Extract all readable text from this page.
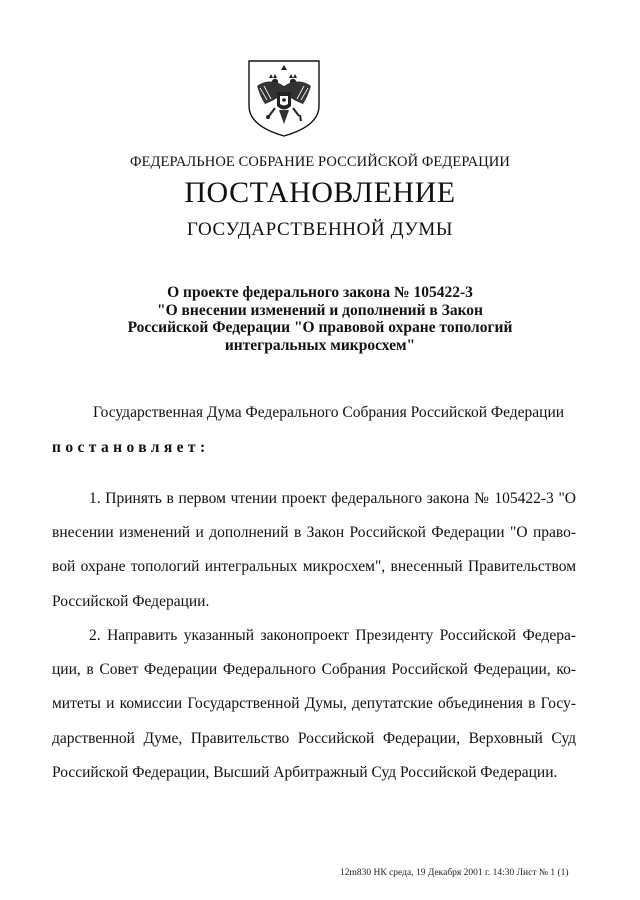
ФЕДЕРАЛЬНОЕ СОБРАНИЕ РОССИЙСКОЙ ФЕДЕРАЦИИ
ПОСТАНОВЛЕНИЕ
ГОСУДАРСТВЕННОЙ ДУМЫ
О проекте федерального закона № 105422-3
"О внесении изменений и дополнений в Закон
Российской Федерации "О правовой охране топологий
интегральных микросхем"
Государственная Дума Федерального Собрания Российской Федерации
постановляет:
1. Принять в первом чтении проект федерального закона № 105422-3 "О
внесении изменений и дополнений в Закон Российской Федерации "О право-
вой охране топологий интегральных микросхем", внесенный Правительством
Российской Федерации.
2. Направить указанный законопроект Президенту Российской Федера-
ции, в Совет Федерации Федерального Собрания Российской Федерации, ко-
митеты и комиссии Государственной Думы, депутатские объединения в Госу-
дарственной Думе, Правительство Российской Федерации, Верховный Суд
Российской Федерации, Высший Арбитражный Суд Российской Федерации.
12m830 НК среда, 19 Декабря 2001 г. 14:30 Лист № 1 (1)
